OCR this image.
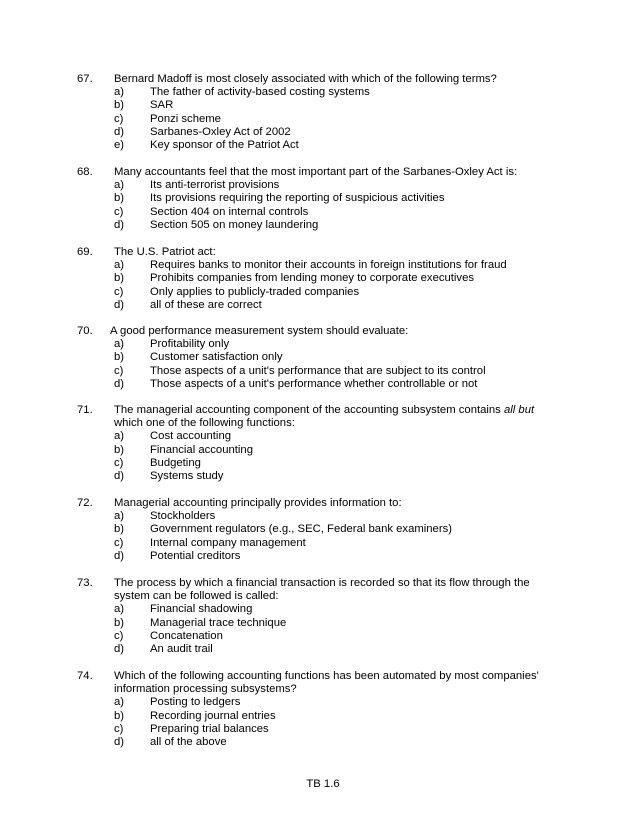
67. Bernard Madoff is most closely associated with which of the following terms?
a) The father of activity-based costing systems
b) SAR
c) Ponzi scheme
d) Sarbanes-Oxley Act of 2002
e) Key sponsor of the Patriot Act
68. Many accountants feel that the most important part of the Sarbanes-Oxley Act is:
a) Its anti-terrorist provisions
b) Its provisions requiring the reporting of suspicious activities
c) Section 404 on internal controls
d) Section 505 on money laundering
69. The U.S. Patriot act:
a) Requires banks to monitor their accounts in foreign institutions for fraud
b) Prohibits companies from lending money to corporate executives
c) Only applies to publicly-traded companies
d) all of these are correct
70. A good performance measurement system should evaluate:
a) Profitability only
b) Customer satisfaction only
c) Those aspects of a unit's performance that are subject to its control
d) Those aspects of a unit's performance whether controllable or not
71. The managerial accounting component of the accounting subsystem contains all but which one of the following functions:
a) Cost accounting
b) Financial accounting
c) Budgeting
d) Systems study
72. Managerial accounting principally provides information to:
a) Stockholders
b) Government regulators (e.g., SEC, Federal bank examiners)
c) Internal company management
d) Potential creditors
73. The process by which a financial transaction is recorded so that its flow through the system can be followed is called:
a) Financial shadowing
b) Managerial trace technique
c) Concatenation
d) An audit trail
74. Which of the following accounting functions has been automated by most companies' information processing subsystems?
a) Posting to ledgers
b) Recording journal entries
c) Preparing trial balances
d) all of the above
TB 1.6
